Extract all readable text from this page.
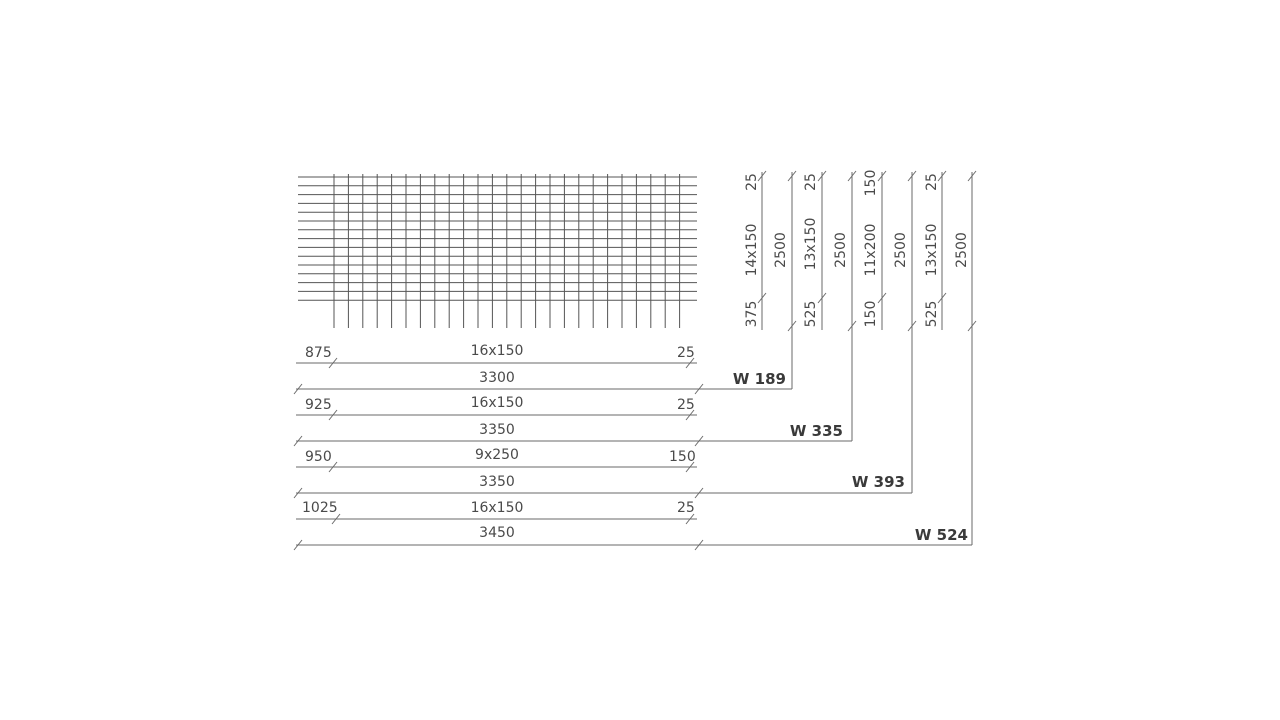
875	16x150	25
3300
925	16x150	25
3350
950	9x250	150
3350
1025	16x150	25
3450
25
14x150
375
2500
25
13x150
525
2500
150
11x200
150
2500
25
13x150
525
2500
W 189
W 335
W 393
W 524
